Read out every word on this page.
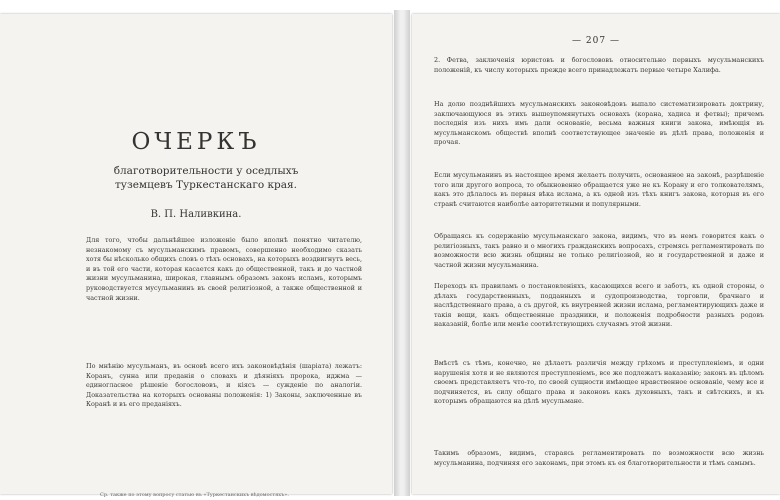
ОЧЕРКЪ
благотворительности у оседлыхъ туземцевъ Туркестанскаго края.
В. П. Наливкина.
Для того, чтобы дальнѣйшее изложеніе было вполнѣ понятно читателю, незнакомому съ мусульманскимъ правомъ, совершенно необходимо сказать хотя бы нѣсколько общихъ словъ о тѣхъ основахъ, на которыхъ воздвигнутъ весь, и въ той его части, которая касается какъ до общественной, такъ и до частной жизни мусульманина, широкая, главнымъ образомъ законъ исламъ, которымъ руководствуется мусульманинъ въ своей религіозной, а также общественной и частной жизни.
По мнѣнію мусульманъ, въ основѣ всего ихъ законовѣдѣнія (шаріата) лежатъ: Коранъ, сунна или преданія о словахъ и дѣяніяхъ пророка, иджма — единогласное рѣшеніе богослововъ, и кіясъ — сужденіе по аналогіи. Доказательства на которыхъ основаны положенія: 1) Законы, заключенные въ Коранѣ и въ его преданіяхъ.
Ср. также по этому вопросу статью въ «Туркестанскихъ вѣдомостяхъ».
— 207 —
2. Фетва, заключенія юристовъ и богослововъ относительно первыхъ мусульманскихъ положеній, къ числу которыхъ прежде всего принадлежатъ первые четыре Халифа.
На долю позднѣйшихъ мусульманскихъ законовѣдовъ выпало систематизировать доктрину, заключающуюся въ этихъ вышеупомянутыхъ основахъ (корана, хадиса и фетвы); причемъ последнія изъ нихъ имъ дали основаніе, весьма важныя книги закона, имѣющія въ мусульманскомъ обществѣ вполнѣ соответствующее значеніе въ дѣлѣ права, положенія и прочая.
Если мусульманинъ въ настоящее время желаетъ получить, основанное на законѣ, разрѣшеніе того или другого вопроса, то обыкновенно обращается уже не къ Корану и его толкователямъ, какъ это дѣлалось въ первыя вѣка ислама, а къ одной изъ тѣхъ книгъ закона, которыя въ его странѣ считаются наиболѣе авторитетными и популярными.
Обращаясь къ содержанію мусульманскаго закона, видимъ, что въ немъ говорится какъ о религіозныхъ, такъ равно и о многихъ гражданскихъ вопросахъ, стремясь регламентировать по возможности всю жизнь общины не только религіозной, но и государственной и даже и частной жизни мусульманина.
Переходъ къ правиламъ о постановленіяхъ, касающихся всего и заботъ, къ одной стороны, о дѣлахъ государственныхъ, подданныхъ и судопроизводства, торговли, брачнаго и наслѣдственнаго права, а съ другой, къ внутренней жизни ислама, регламентирующихъ даже и такія вещи, какъ общественные праздники, и положенія подробности разныхъ родовъ наказаній, болѣе или менѣе соотвѣтствующихъ случаямъ этой жизни.
Вмѣстѣ съ тѣмъ, конечно, не дѣлаетъ различія между грѣхомъ и преступленіемъ, и одни нарушенія хотя и не являются преступленіемъ, все же подлежатъ наказанію; законъ въ цѣломъ своемъ представляетъ что-то, по своей сущности имѣющее нравственное основаніе, чему все и подчиняется, въ силу общаго права и законовъ какъ духовныхъ, такъ и свѣтскихъ, и къ которымъ обращаются на дѣлѣ мусульмане.
Такимъ образомъ, видимъ, стараясь регламентировать по возможности всю жизнь мусульманина, подчиняя его законамъ, при этомъ къ ея благотворительности и тѣмъ самымъ.
